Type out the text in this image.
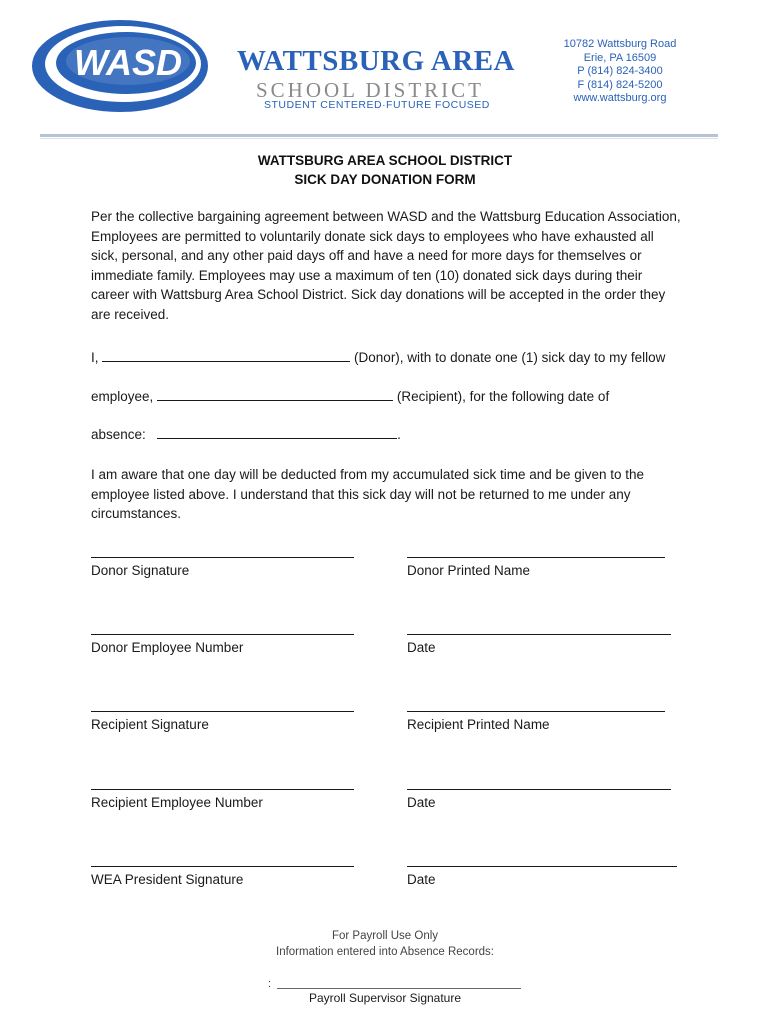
WASD WATTSBURG AREA
SCHOOL DISTRICT
STUDENT CENTERED·FUTURE FOCUSED
10782 Wattsburg Road
Erie, PA 16509
P (814) 824-3400
F (814) 824-5200
www.wattsburg.org
WATTSBURG AREA SCHOOL DISTRICT
SICK DAY DONATION FORM

Per the collective bargaining agreement between WASD and the Wattsburg Education Association, Employees are permitted to voluntarily donate sick days to employees who have exhausted all sick, personal, and any other paid days off and have a need for more days for themselves or immediate family. Employees may use a maximum of ten (10) donated sick days during their career with Wattsburg Area School District. Sick day donations will be accepted in the order they are received.

I,	(Donor), with to donate one (1) sick day to my fellow
employee,	(Recipient), for the following date of
absence:	.

I am aware that one day will be deducted from my accumulated sick time and be given to the employee listed above. I understand that this sick day will not be returned to me under any circumstances.

Donor Signature	Donor Printed Name
Donor Employee Number	Date
Recipient Signature	Recipient Printed Name
Recipient Employee Number	Date
WEA President Signature	Date
For Payroll Use Only
Information entered into Absence Records:
:
Payroll Supervisor Signature
